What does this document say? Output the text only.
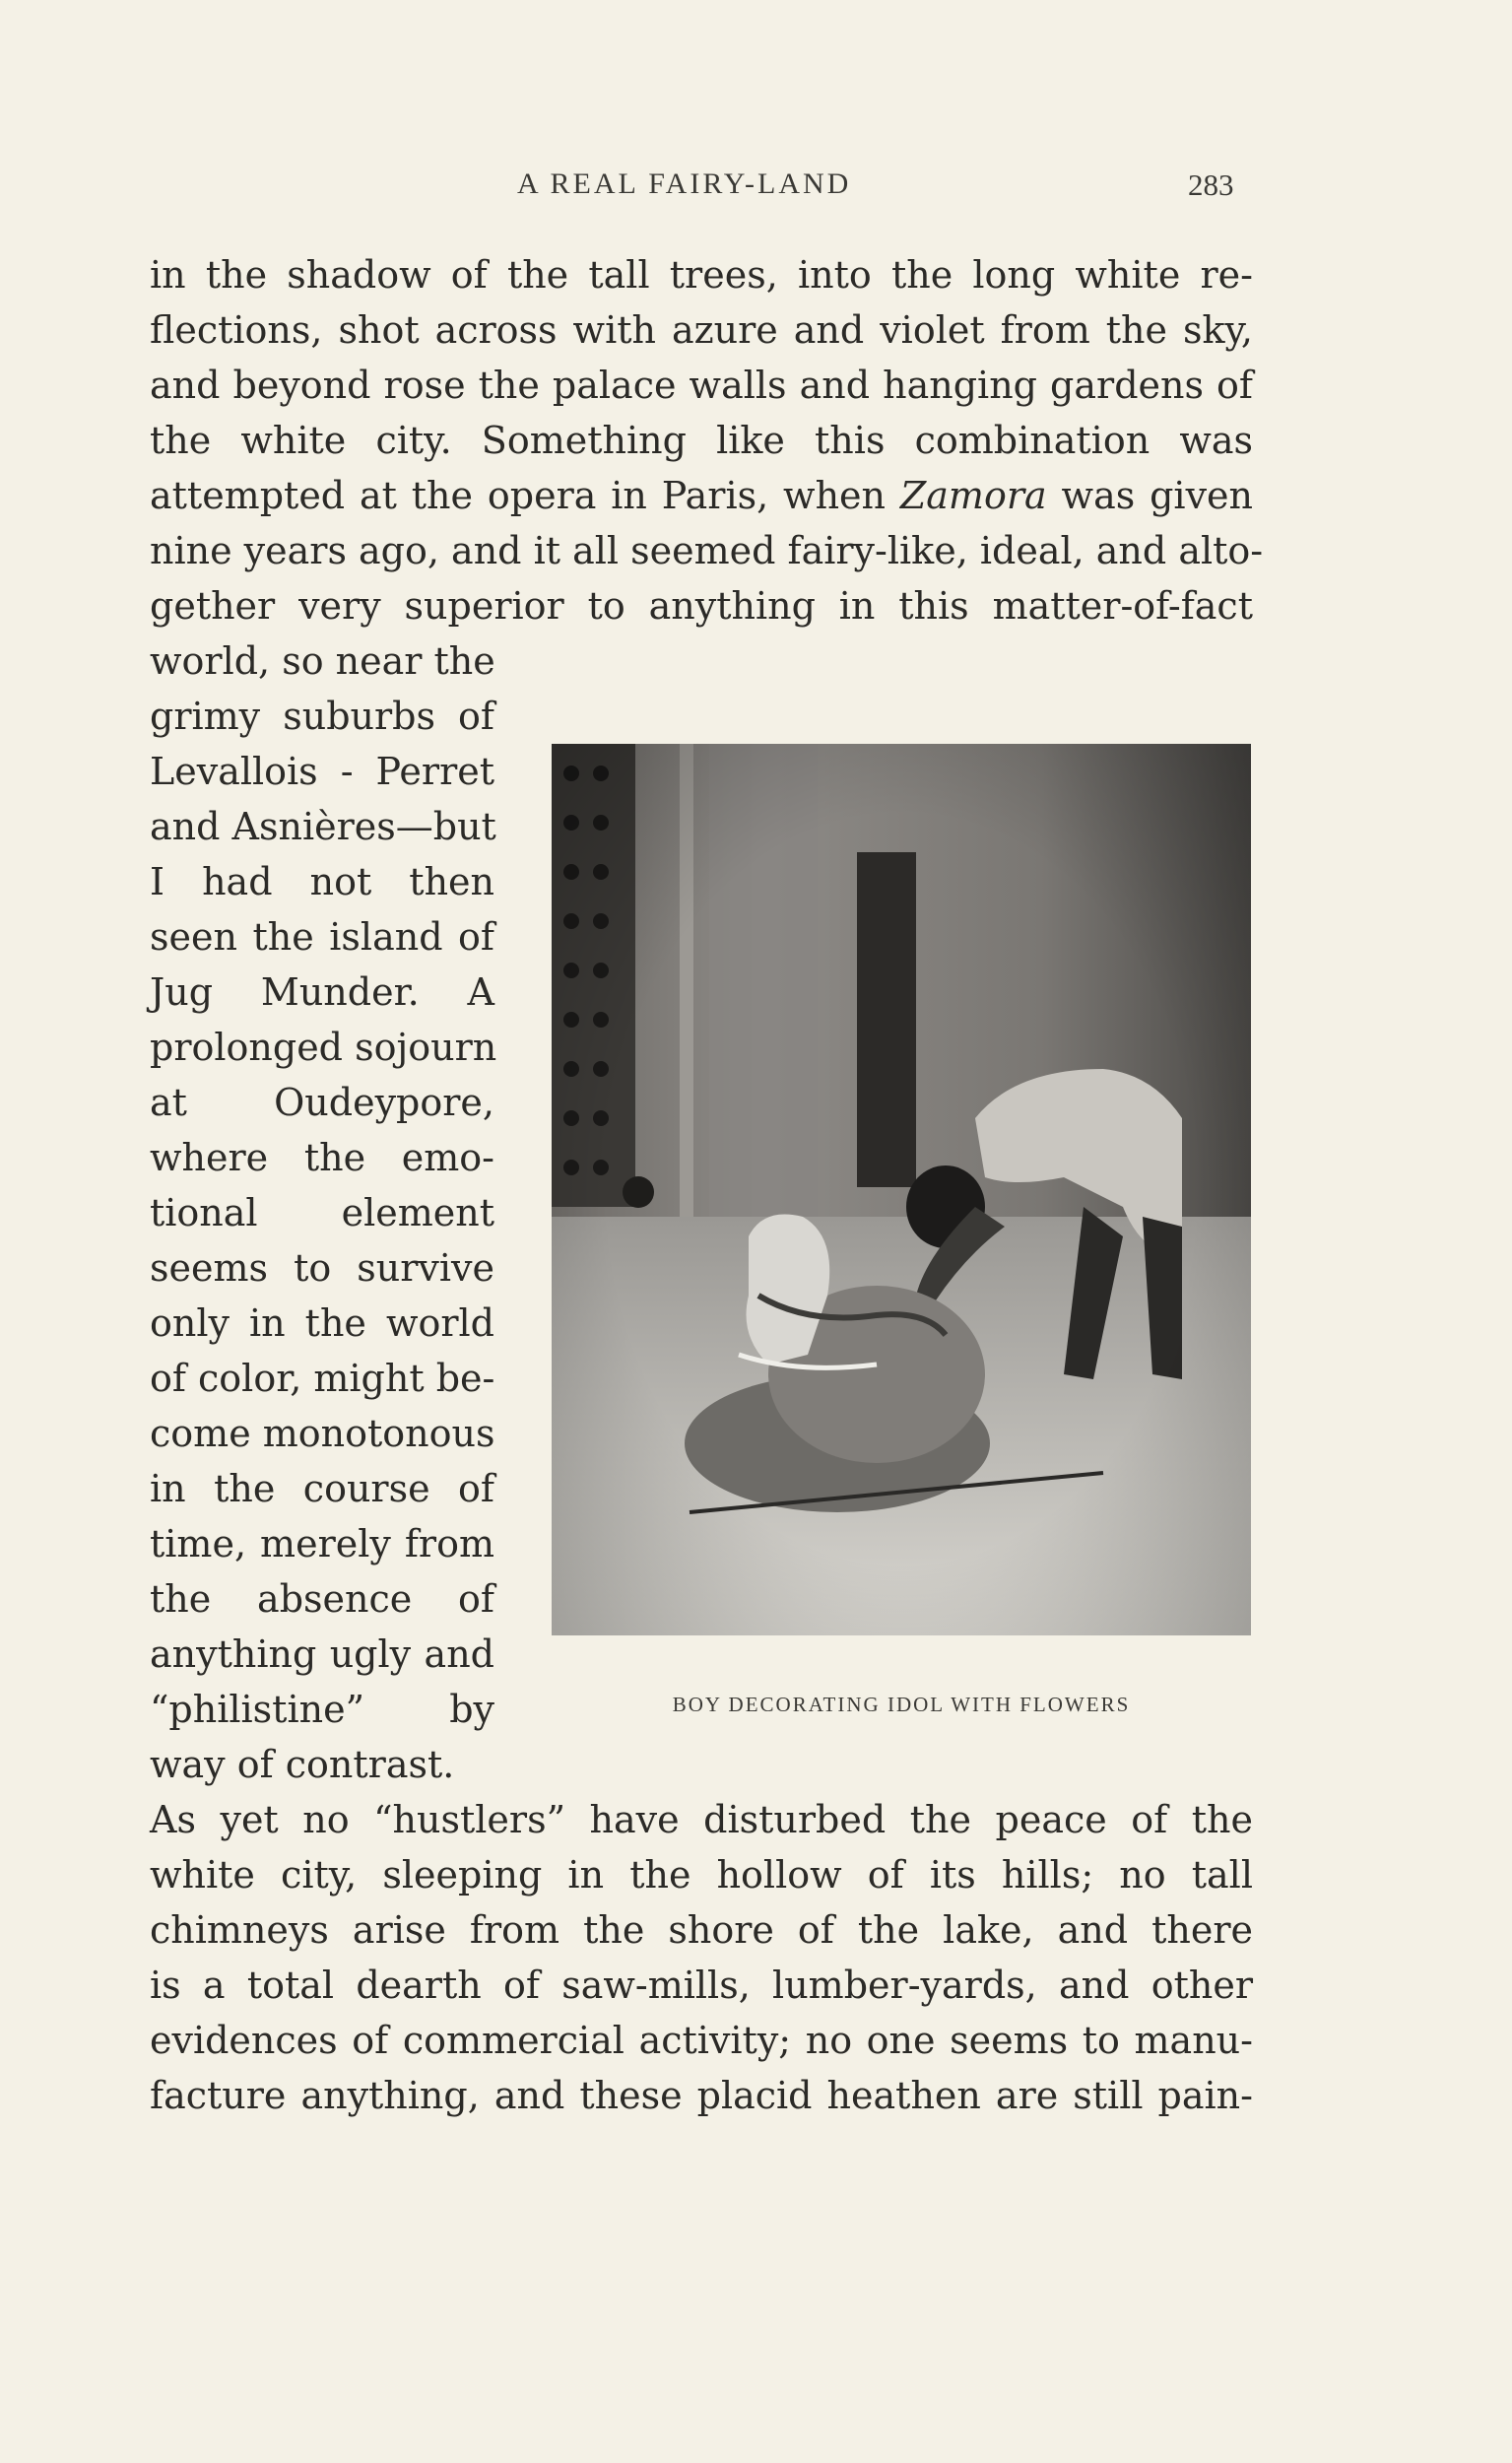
A REAL FAIRY-LAND	283
in the shadow of the tall trees, into the long white re-
flections, shot across with azure and violet from the sky,
and beyond rose the palace walls and hanging gardens of
the white city. Something like this combination was
attempted at the opera in Paris, when Zamora was given
nine years ago, and it all seemed fairy-like, ideal, and alto-
gether very superior to anything in this matter-of-fact
world, so near the
grimy suburbs of
Levallois - Perret
and Asnières—but
I had not then
seen the island of
Jug Munder. A
prolonged sojourn
at Oudeypore,
where the emo-
tional element
seems to survive
only in the world
of color, might be-
come monotonous
in the course of
time, merely from
the absence of
anything ugly and
“philistine” by
way of contrast.
As yet no “hustlers” have disturbed the peace of the
white city, sleeping in the hollow of its hills; no tall
chimneys arise from the shore of the lake, and there
is a total dearth of saw-mills, lumber-yards, and other
evidences of commercial activity; no one seems to manu-
facture anything, and these placid heathen are still pain-
BOY DECORATING IDOL WITH FLOWERS
